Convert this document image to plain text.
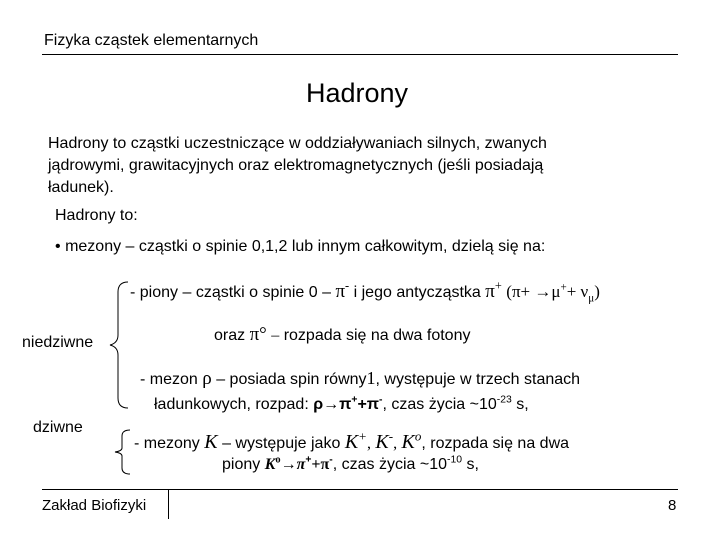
Fizyka cząstek elementarnych
Hadrony
Hadrony to cząstki uczestniczące w oddziaływaniach silnych, zwanych
jądrowymi, grawitacyjnych oraz elektromagnetycznych (jeśli posiadają
ładunek).
Hadrony to:
• mezony – cząstki o spinie 0,1,2 lub innym całkowitym, dzielą się na:
- piony – cząstki o spinie 0 – π- i jego antycząstka π+ $(\pi+ \to\mu^++ \nu_\mu)$
oraz π° – rozpada się na dwa fotony
niedziwne
dziwne
- mezon ρ – posiada spin równy1, występuje w trzech stanach
ładunkowych, rozpad: ρ→π++π-, czas życia $\sim 10^{-23}$ s,
- mezony K – występuje jako K+, K-, $K^o$, rozpada się na dwa
piony $K^o\to\pi^++\pi^-$, czas życia $\sim 10^{-10}$ s,
Zakład Biofizyki	8
